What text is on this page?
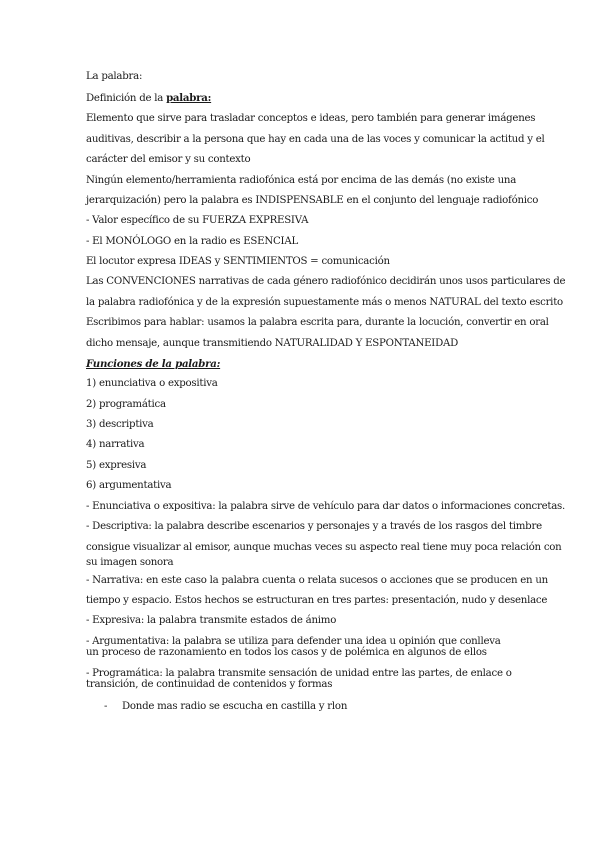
La palabra:
Definición de la palabra:
Elemento que sirve para trasladar conceptos e ideas, pero también para generar imágenes
auditivas, describir a la persona que hay en cada una de las voces y comunicar la actitud y el
carácter del emisor y su contexto
Ningún elemento/herramienta radiofónica está por encima de las demás (no existe una
jerarquización) pero la palabra es INDISPENSABLE en el conjunto del lenguaje radiofónico
- Valor específico de su FUERZA EXPRESIVA
- El MONÓLOGO en la radio es ESENCIAL
El locutor expresa IDEAS y SENTIMIENTOS = comunicación
Las CONVENCIONES narrativas de cada género radiofónico decidirán unos usos particulares de
la palabra radiofónica y de la expresión supuestamente más o menos NATURAL del texto escrito
Escribimos para hablar: usamos la palabra escrita para, durante la locución, convertir en oral
dicho mensaje, aunque transmitiendo NATURALIDAD Y ESPONTANEIDAD
Funciones de la palabra:
1) enunciativa o expositiva
2) programática
3) descriptiva
4) narrativa
5) expresiva
6) argumentativa
- Enunciativa o expositiva: la palabra sirve de vehículo para dar datos o informaciones concretas.
- Descriptiva: la palabra describe escenarios y personajes y a través de los rasgos del timbre
consigue visualizar al emisor, aunque muchas veces su aspecto real tiene muy poca relación con
su imagen sonora
- Narrativa: en este caso la palabra cuenta o relata sucesos o acciones que se producen en un
tiempo y espacio. Estos hechos se estructuran en tres partes: presentación, nudo y desenlace
- Expresiva: la palabra transmite estados de ánimo
- Argumentativa: la palabra se utiliza para defender una idea u opinión que conlleva un proceso de razonamiento en todos los casos y de polémica en algunos de ellos
- Programática: la palabra transmite sensación de unidad entre las partes, de enlace o transición, de continuidad de contenidos y formas
- Donde mas radio se escucha en castilla y rlon
